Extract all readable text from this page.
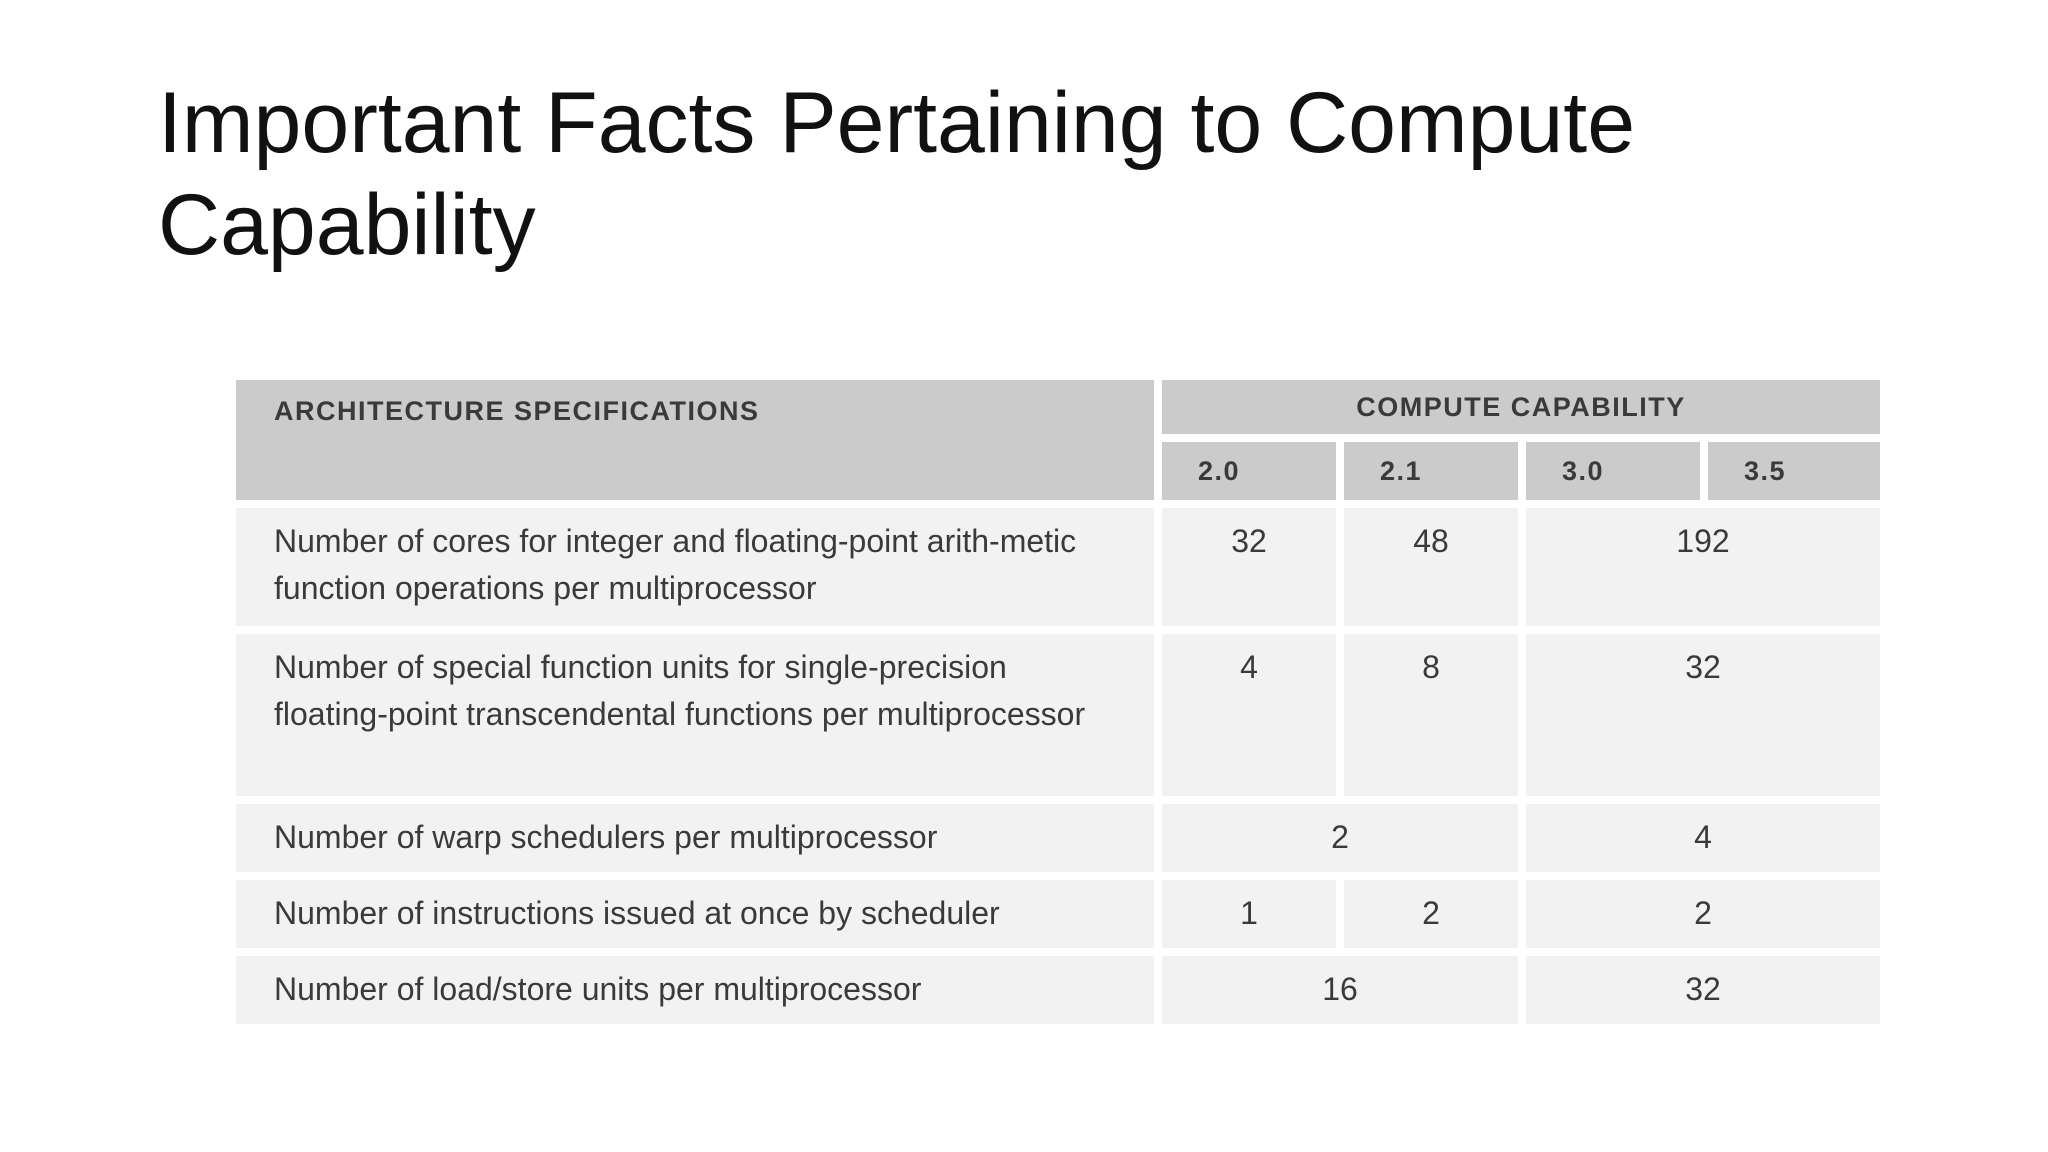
Important Facts Pertaining to Compute Capability
ARCHITECTURE SPECIFICATIONS	COMPUTE CAPABILITY			
	2.0	2.1	3.0	3.5
Number of cores for integer and floating-point arith-metic function operations per multiprocessor	32	48	192	
Number of special function units for single-precision floating-point transcendental functions per multiprocessor	4	8	32	
Number of warp schedulers per multiprocessor	2		4	
Number of instructions issued at once by scheduler	1	2	2	
Number of load/store units per multiprocessor	16		32	
